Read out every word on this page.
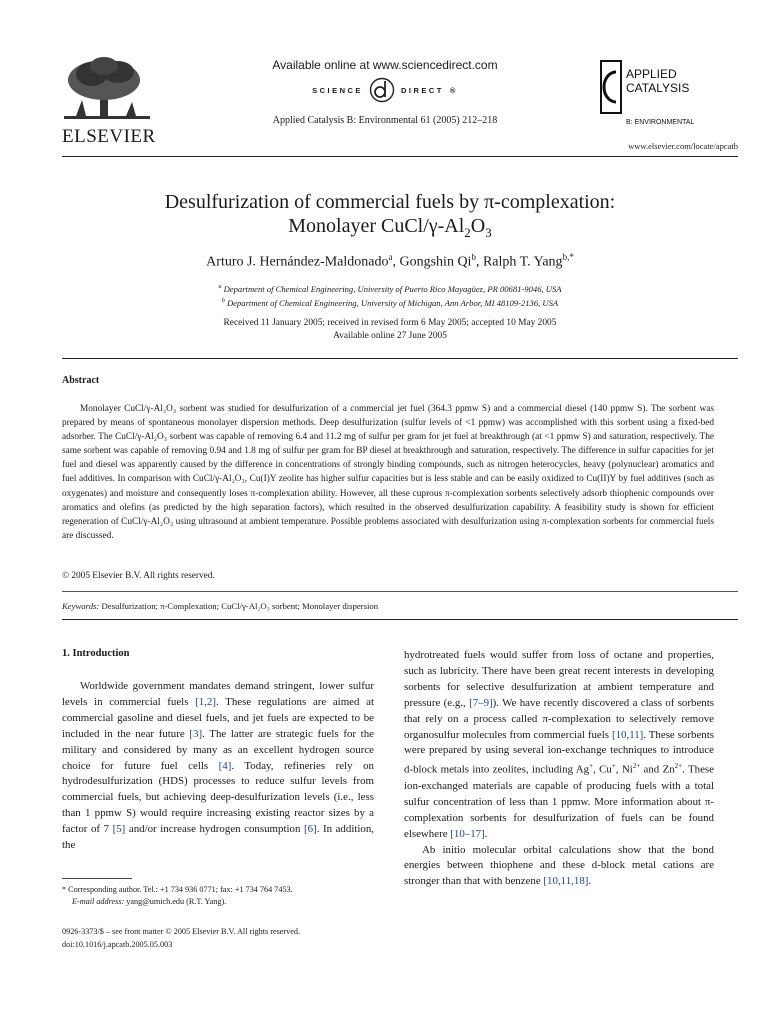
ELSEVIER
Available online at www.sciencedirect.com
SCIENCE	DIRECT ®
Applied Catalysis B: Environmental 61 (2005) 212–218
APPLIED
CATALYSIS
B: ENVIRONMENTAL
www.elsevier.com/locate/apcatb
Desulfurization of commercial fuels by π-complexation:
Monolayer CuCl/$\gamma-Al_2O_3$
Arturo J. Hernández-Maldonado$^a$, Gongshin Qi$^b$, Ralph T. Yang$^{b,*}$
$^a$ Department of Chemical Engineering, University of Puerto Rico Mayagüez, PR 00681-9046, USA
$^b$ Department of Chemical Engineering, University of Michigan, Ann Arbor, MI 48109-2136, USA
Received 11 January 2005; received in revised form 6 May 2005; accepted 10 May 2005
Available online 27 June 2005
Abstract
Monolayer CuCl/γ-Al₂O₃ sorbent was studied for desulfurization of a commercial jet fuel (364.3 ppmw S) and a commercial diesel (140 ppmw S). The sorbent was prepared by means of spontaneous monolayer dispersion methods. Deep desulfurization (sulfur levels of <1 ppmw) was accomplished with this sorbent using a fixed-bed adsorber. The CuCl/γ-Al₂O₃ sorbent was capable of removing 6.4 and 11.2 mg of sulfur per gram for jet fuel at breakthrough (at <1 ppmw S) and saturation, respectively. The same sorbent was capable of removing 0.94 and 1.8 mg of sulfur per gram for BP diesel at breakthrough and saturation, respectively. The difference in sulfur capacities for jet fuel and diesel was apparently caused by the difference in concentrations of strongly binding compounds, such as nitrogen heterocycles, heavy (polynuclear) aromatics and fuel additives. In comparison with CuCl/γ-Al₂O₃, Cu(I)Y zeolite has higher sulfur capacities but is less stable and can be easily oxidized to Cu(II)Y by fuel additives (such as oxygenates) and moisture and consequently loses π-complexation ability. However, all these cuprous π-complexation sorbents selectively adsorb thiophenic compounds over aromatics and olefins (as predicted by the high separation factors), which resulted in the observed desulfurization capability. A feasibility study is shown for efficient regeneration of CuCl/γ-Al₂O₃ using ultrasound at ambient temperature. Possible problems associated with desulfurization using π-complexation sorbents for commercial fuels are discussed.
© 2005 Elsevier B.V. All rights reserved.
Keywords: Desulfurization; π-Complexation; CuCl/γ-Al₂O₃ sorbent; Monolayer dispersion
1. Introduction
Worldwide government mandates demand stringent, lower sulfur levels in commercial fuels [1,2]. These regulations are aimed at commercial gasoline and diesel fuels, and jet fuels are expected to be included in the near future [3]. The latter are strategic fuels for the military and considered by many as an excellent hydrogen source choice for future fuel cells [4]. Today, refineries rely on hydrodesulfurization (HDS) processes to reduce sulfur levels from commercial fuels, but achieving deep-desulfurization levels (i.e., less than 1 ppmw S) would require increasing existing reactor sizes by a factor of 7 [5] and/or increase hydrogen consumption [6]. In addition, the

hydrotreated fuels would suffer from loss of octane and properties, such as lubricity. There have been great recent interests in developing sorbents for selective desulfurization at ambient temperature and pressure (e.g., [7–9]). We have recently discovered a class of sorbents that rely on a process called π-complexation to selectively remove organosulfur molecules from commercial fuels [10,11]. These sorbents were prepared by using several ion-exchange techniques to introduce d-block metals into zeolites, including Ag+, Cu+, $Ni^{2+}$ and $Zn^{2+}$. These ion-exchanged materials are capable of producing fuels with a total sulfur concentration of less than 1 ppmw. More information about π-complexation sorbents for desulfurization of fuels can be found elsewhere [10–17].

Ab initio molecular orbital calculations show that the bond energies between thiophene and these d-block metal cations are stronger than that with benzene [10,11,18].

* Corresponding author. Tel.: +1 734 936 0771; fax: +1 734 764 7453.
E-mail address: yang@umich.edu (R.T. Yang).
0926-3373/$ – see front matter © 2005 Elsevier B.V. All rights reserved.
doi:10.1016/j.apcatb.2005.05.003
